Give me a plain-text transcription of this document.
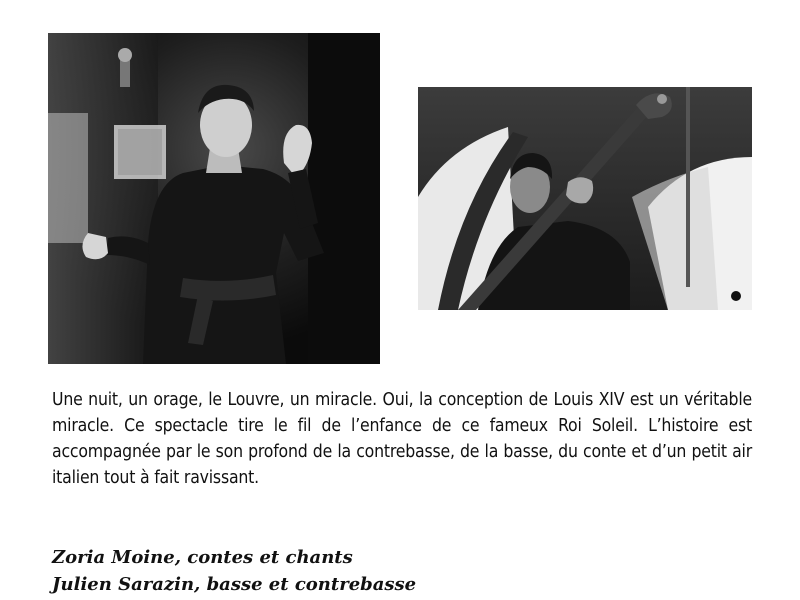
Une nuit, un orage, le Louvre, un miracle. Oui, la conception de Louis XIV est un véritable miracle. Ce spectacle tire le fil de l’enfance de ce fameux Roi Soleil. L’histoire est accompagnée par le son profond de la contrebasse, de la basse, du conte et d’un petit air italien tout à fait ravissant.

Zoria Moine, contes et chants
Julien Sarazin, basse et contrebasse
